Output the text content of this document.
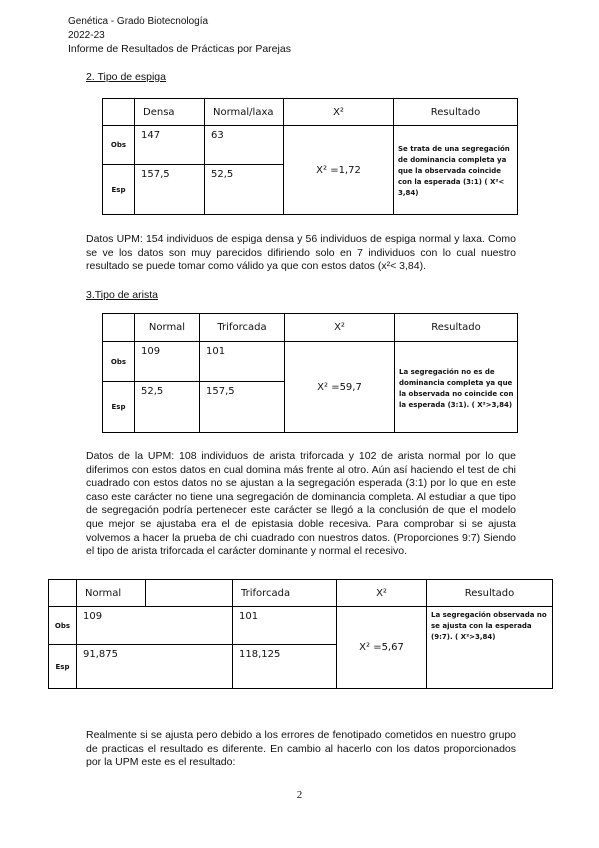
Genética - Grado Biotecnología
2022-23
Informe de Resultados de Prácticas por Parejas
2. Tipo de espiga
	Densa	Normal/laxa	X²	Resultado
Obs	147	63	X² =1,72	Se trata de una segregación de dominancia completa ya que la observada coincide con la esperada (3:1) ( X²< 3,84)
Esp	157,5	52,5		
Datos UPM: 154 individuos de espiga densa y 56 individuos de espiga normal y laxa. Como se ve los datos son muy parecidos difiriendo solo en 7 individuos con lo cual nuestro resultado se puede tomar como válido ya que con estos datos (x²< 3,84).
3.Tipo de arista
	Normal	Triforcada	X²	Resultado
Obs	109	101	X² =59,7	La segregación no es de dominancia completa ya que la observada no coincide con la esperada (3:1). ( X²>3,84)
Esp	52,5	157,5		
Datos de la UPM: 108 individuos de arista triforcada y 102 de arista normal por lo que diferimos con estos datos en cual domina más frente al otro. Aún así haciendo el test de chi cuadrado con estos datos no se ajustan a la segregación esperada (3:1) por lo que en este caso este carácter no tiene una segregación de dominancia completa. Al estudiar a que tipo de segregación podría pertenecer este carácter se llegó a la conclusión de que el modelo que mejor se ajustaba era el de epistasia doble recesiva. Para comprobar si se ajusta volvemos a hacer la prueba de chi cuadrado con nuestros datos. (Proporciones 9:7) Siendo el tipo de arista triforcada el carácter dominante y normal el recesivo.
	Normal		Triforcada	X²	Resultado
Obs	109		101	X² =5,67	La segregación observada no se ajusta con la esperada (9:7). ( X²>3,84)
Esp	91,875		118,125		
Realmente si se ajusta pero debido a los errores de fenotipado cometidos en nuestro grupo de practicas el resultado es diferente. En cambio al hacerlo con los datos proporcionados por la UPM este es el resultado:
2
